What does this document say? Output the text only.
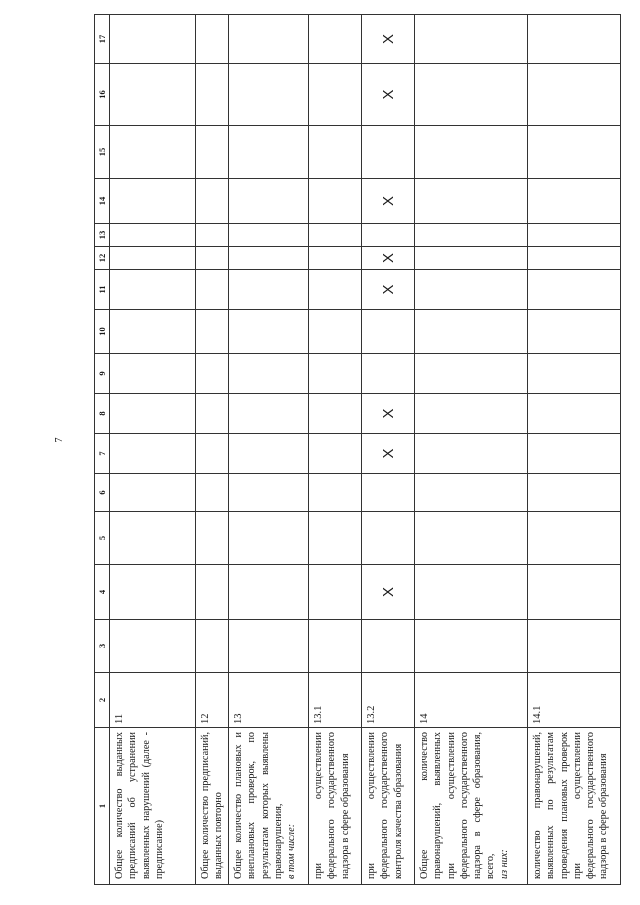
7
1	2	3	4	5	6	7	8	9	10	11	12	13	14	15	16	17
Общее количество выданных предписаний об устранении выявленных нарушений (далее - предписание)	11															
Общее количество предписаний, выданных повторно	12															
Общее количество плановых и внеплановых проверок, по результатам которых выявлены правонарушения, в том числе:	13															
при осуществлении федерального государственного надзора в сфере образования	13.1															
при осуществлении федерального государственного контроля качества образования	13.2		X			X	X			X	X		X		X	X
Общее количество правонарушений, выявленных при осуществлении федерального государственного надзора в сфере образования, всего, из них:	14															
количество правонарушений, выявленных по результатам проведения плановых проверок при осуществлении федерального государственного надзора в сфере образования	14.1															
